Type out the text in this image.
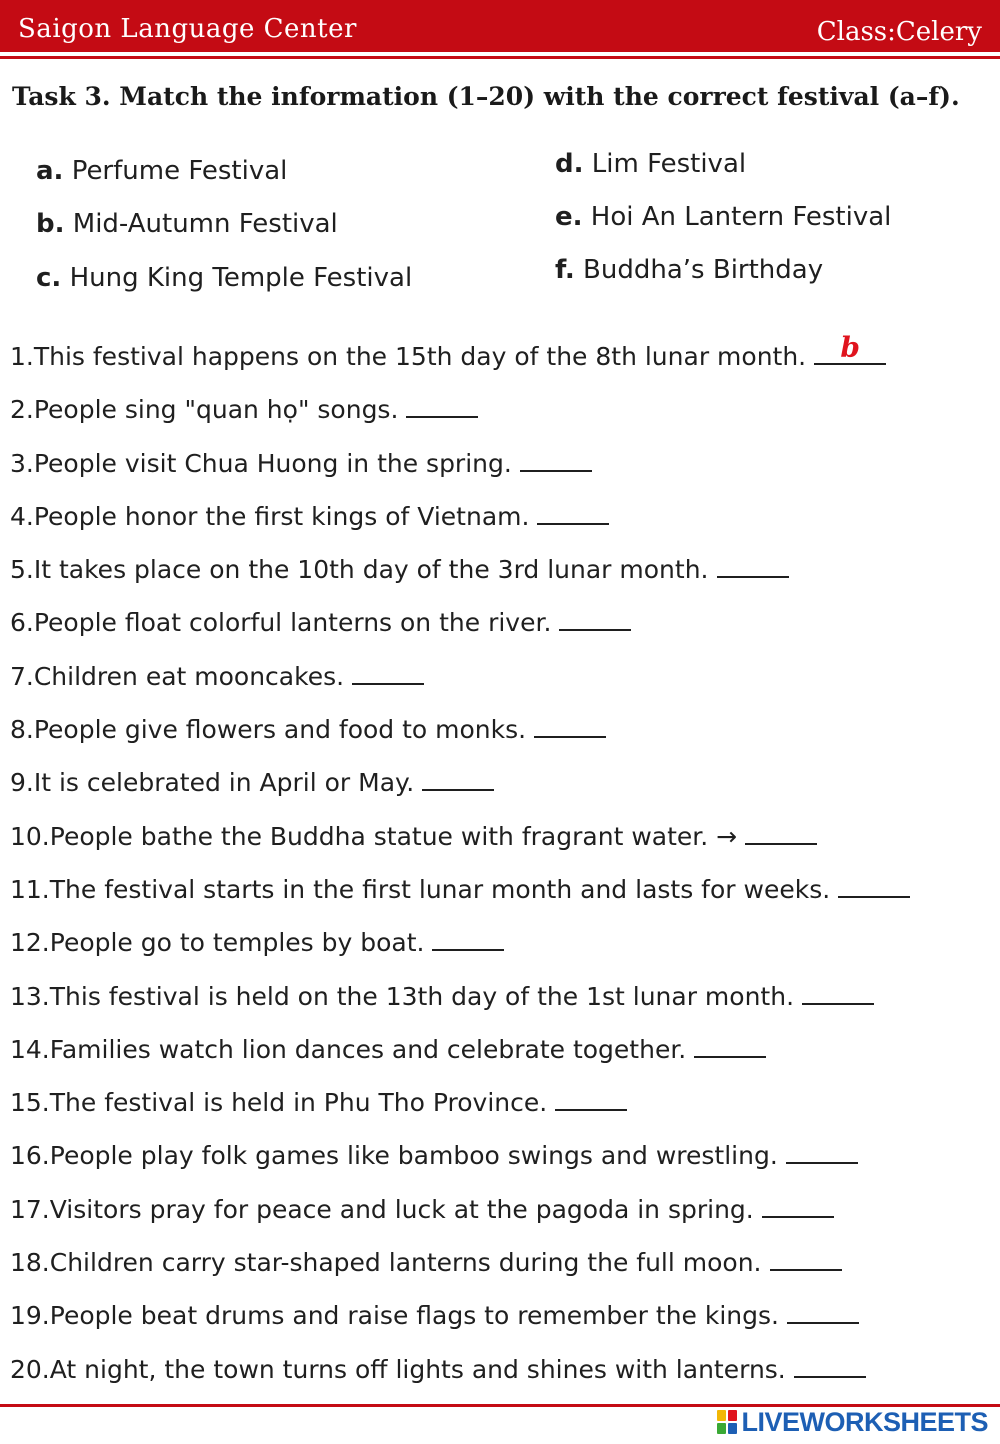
Saigon Language Center	Class:Celery
Task 3. Match the information (1–20) with the correct festival (a–f).
a. Perfume Festival
b. Mid-Autumn Festival
c. Hung King Temple Festival
d. Lim Festival
e. Hoi An Lantern Festival
f. Buddha’s Birthday
1.This festival happens on the 15th day of the 8th lunar month.	b
2.People sing "quan họ" songs.
3.People visit Chua Huong in the spring.
4.People honor the first kings of Vietnam.
5.It takes place on the 10th day of the 3rd lunar month.
6.People float colorful lanterns on the river.
7.Children eat mooncakes.
8.People give flowers and food to monks.
9.It is celebrated in April or May.
10.People bathe the Buddha statue with fragrant water. →
11.The festival starts in the first lunar month and lasts for weeks.
12.People go to temples by boat.
13.This festival is held on the 13th day of the 1st lunar month.
14.Families watch lion dances and celebrate together.
15.The festival is held in Phu Tho Province.
16.People play folk games like bamboo swings and wrestling.
17.Visitors pray for peace and luck at the pagoda in spring.
18.Children carry star-shaped lanterns during the full moon.
19.People beat drums and raise flags to remember the kings.
20.At night, the town turns off lights and shines with lanterns.
LIVEWORKSHEETS
